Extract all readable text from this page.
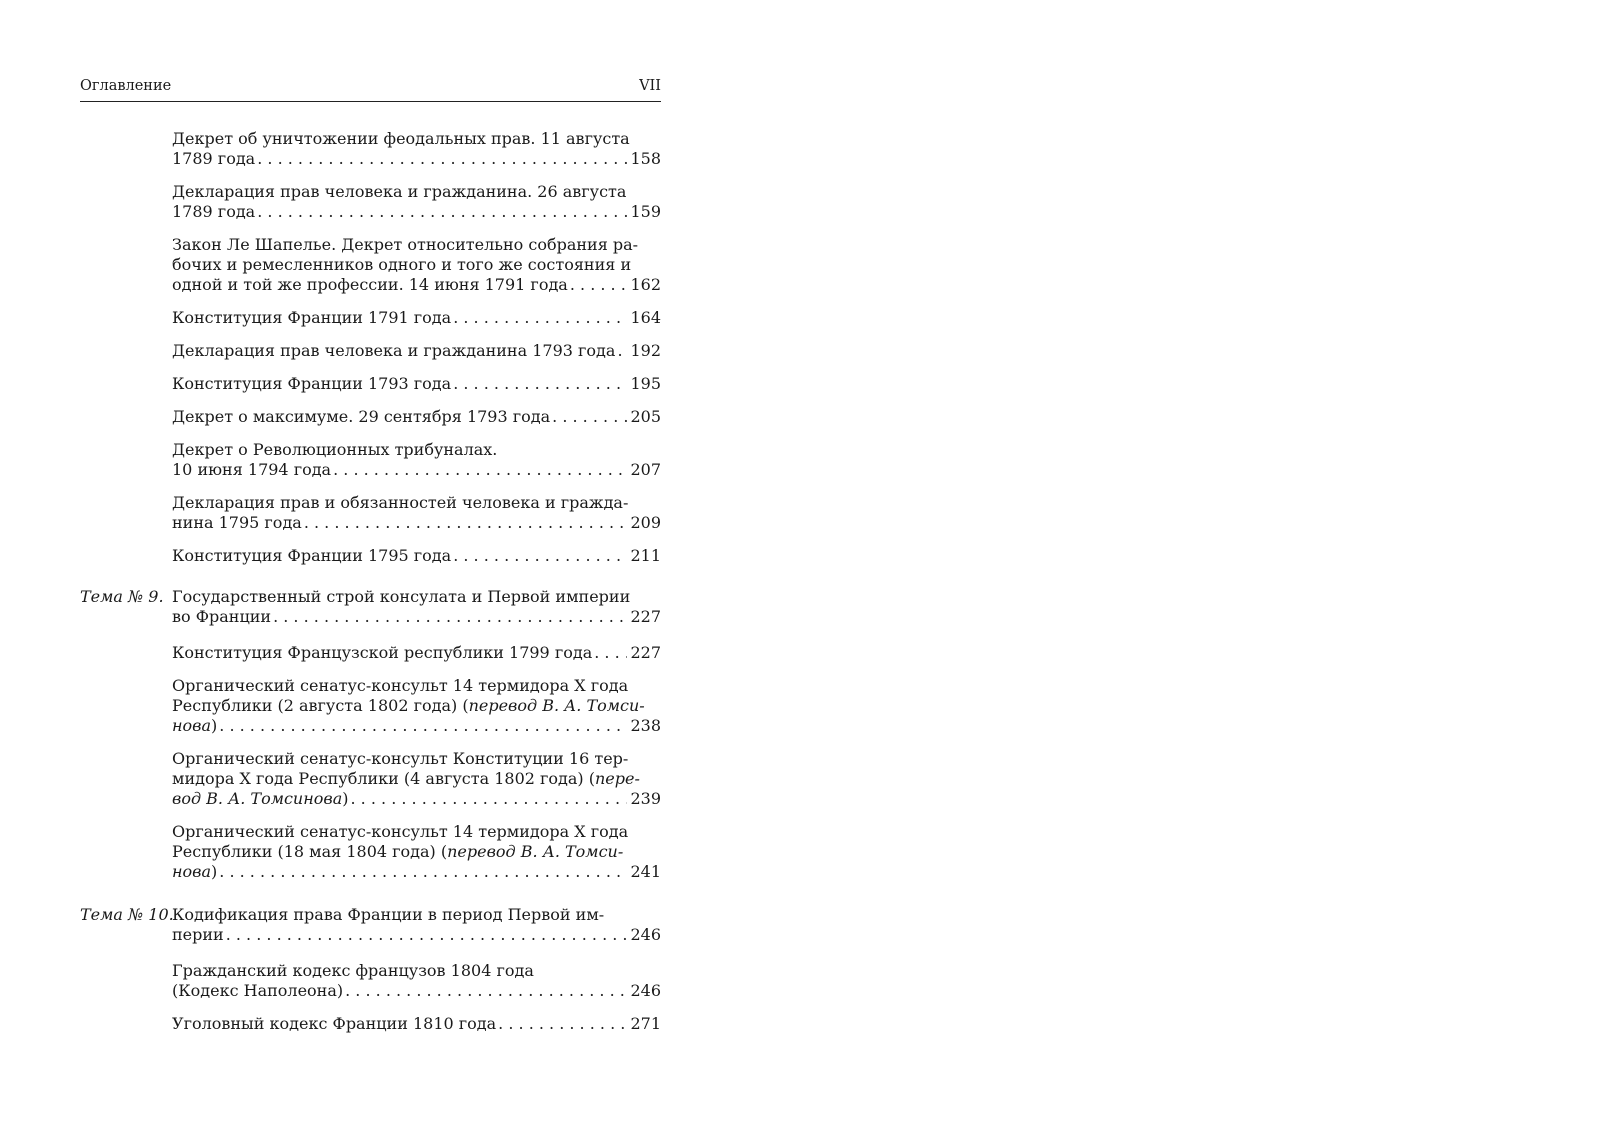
Оглавление	VII
Декрет об уничтожении феодальных прав. 11 августа
1789 года . . .	158
Декларация прав человека и гражданина. 26 августа
1789 года . . .	159
Закон Ле Шапелье. Декрет относительно собрания ра-
бочих и ремесленников одного и того же состояния и
одной и той же профессии. 14 июня 1791 года . . .	162
Конституция Франции 1791 года . . .	164
Декларация прав человека и гражданина 1793 года . . . 192
Конституция Франции 1793 года . . .	195
Декрет о максимуме. 29 сентября 1793 года . . .	205
Декрет о Революционных трибуналах.
10 июня 1794 года . . .	207
Декларация прав и обязанностей человека и гражда-
нина 1795 года . . .	209
Конституция Франции 1795 года . . .	211
Тема № 9. Государственный строй консулата и Первой империи
во Франции . . .	227
Конституция Французской республики 1799 года . . . 227
Органический сенатус-консульт 14 термидора X года
Республики (2 августа 1802 года) (перевод В. А. Томси-
нова) . . .	238
Органический сенатус-консульт Конституции 16 тер-
мидора X года Республики (4 августа 1802 года) (пере-
вод В. А. Томсинова) . . .	239
Органический сенатус-консульт 14 термидора X года
Республики (18 мая 1804 года) (перевод В. А. Томси-
нова) . . .	241
Тема № 10.
Кодификация права Франции в период Первой им-
перии . . .	246
Гражданский кодекс французов 1804 года
(Кодекс Наполеона) . . .	246
Уголовный кодекс Франции 1810 года . . .	271
